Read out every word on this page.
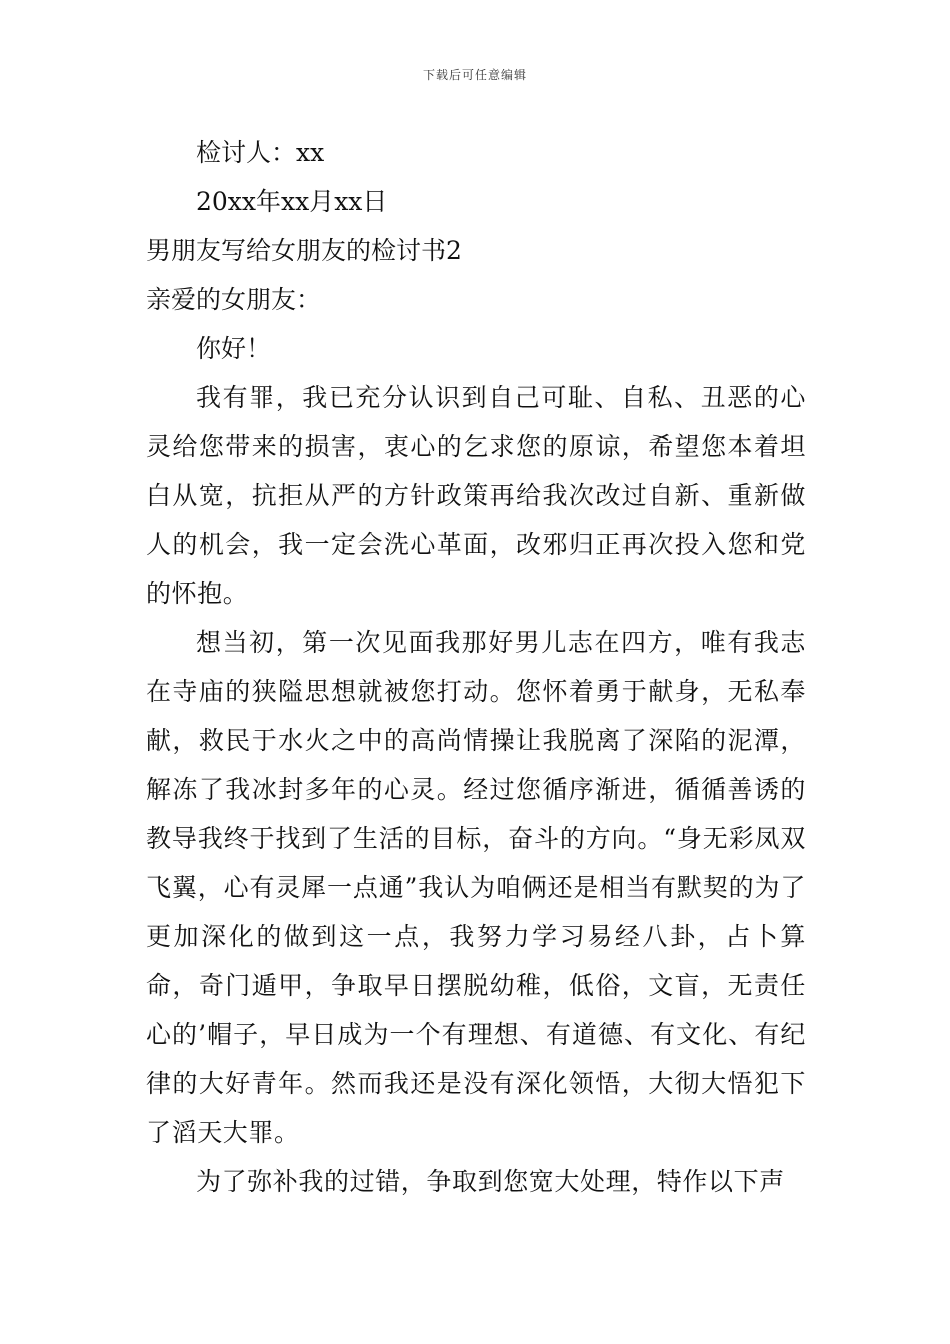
下载后可任意编辑
检讨人：xx
20xx年xx月xx日
男朋友写给女朋友的检讨书2
亲爱的女朋友：
你好！

我有罪，我已充分认识到自己可耻、自私、丑恶的心灵给您带来的损害，衷心的乞求您的原谅，希望您本着坦白从宽，抗拒从严的方针政策再给我次改过自新、重新做人的机会，我一定会洗心革面，改邪归正再次投入您和党的怀抱。

想当初，第一次见面我那好男儿志在四方，唯有我志在寺庙的狭隘思想就被您打动。您怀着勇于献身，无私奉献，救民于水火之中的高尚情操让我脱离了深陷的泥潭，解冻了我冰封多年的心灵。经过您循序渐进，循循善诱的教导我终于找到了生活的目标，奋斗的方向。“身无彩凤双飞翼，心有灵犀一点通”我认为咱俩还是相当有默契的为了更加深化的做到这一点，我努力学习易经八卦，占卜算命，奇门遁甲，争取早日摆脱幼稚，低俗，文盲，无责任心的’帽子，早日成为一个有理想、有道德、有文化、有纪律的大好青年。然而我还是没有深化领悟，大彻大悟犯下了滔天大罪。

为了弥补我的过错，争取到您宽大处理，特作以下声
